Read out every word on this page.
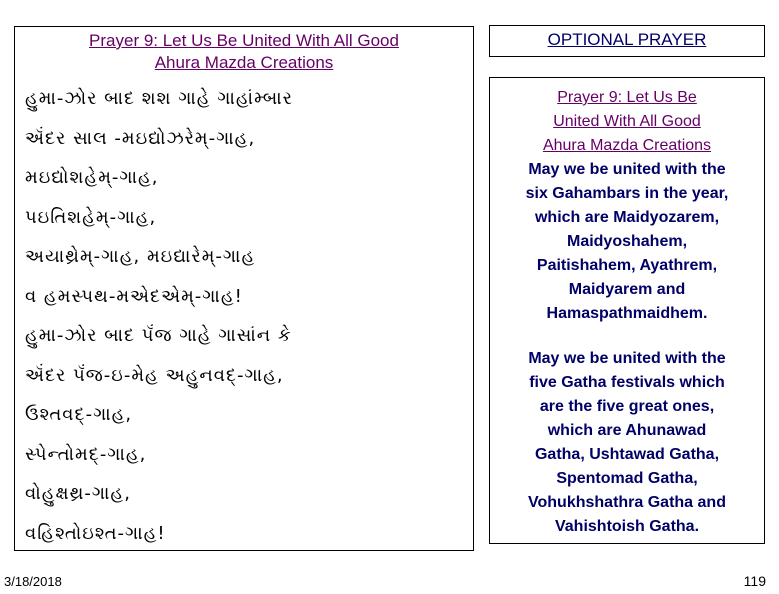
Prayer 9: Let Us Be United With All Good
Ahura Mazda Creations
હુમા-ઝોર બાદ શશ ગાહે ગાહાંમ્બાર
ઍંદર સાલ -મઇદ્યોઝરેમ્-ગાહ,
મઇદ્યોશહેમ્-ગાહ,
પઇતિશહેમ્-ગાહ,
અયાથ્રેમ્-ગાહ, મઇદ્યારેમ્-ગાહ
વ હમસ્પથ-મએદએમ્-ગાહ!
હુમા-ઝોર બાદ પૅંજ ગાહે ગાસાંન કે
ઍંદર પૅંજ-ઇ-મેહ અહુનવદ્-ગાહ,
ઉશ્તવદ્-ગાહ,
સ્પેન્તોમદ્-ગાહ,
વોહુક્ષથ્ર-ગાહ,
વહિશ્તોઇશ્ત-ગાહ!
OPTIONAL PRAYER
Prayer 9: Let Us Be
United With All Good
Ahura Mazda Creations
May we be united with the
six Gahambars in the year,
which are Maidyozarem,
Maidyoshahem,
Paitishahem, Ayathrem,
Maidyarem and
Hamaspathmaidhem.
May we be united with the
five Gatha festivals which
are the five great ones,
which are Ahunawad
Gatha, Ushtawad Gatha,
Spentomad Gatha,
Vohukhshathra Gatha and
Vahishtoish Gatha.
3/18/2018	119
